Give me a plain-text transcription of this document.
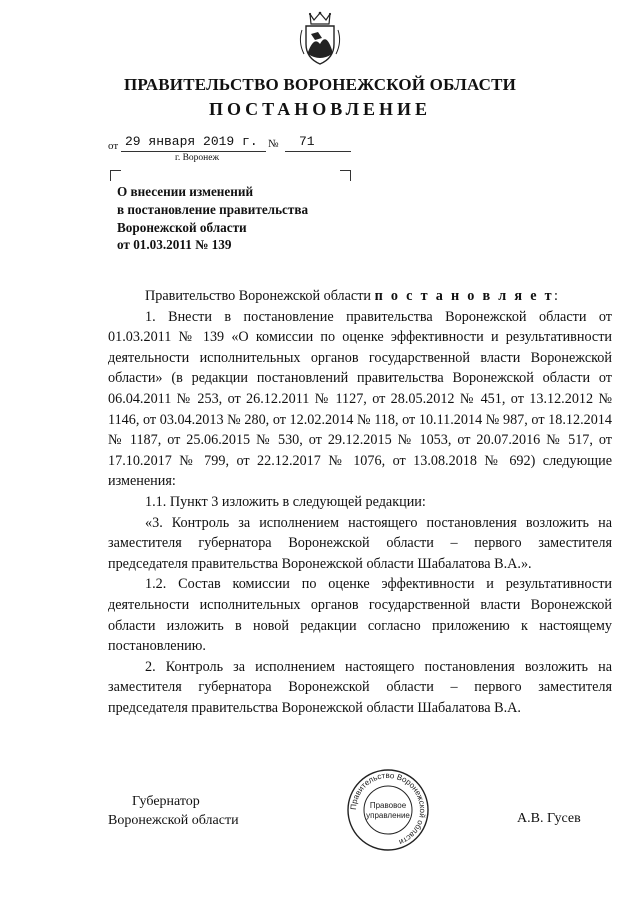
ПРАВИТЕЛЬСТВО ВОРОНЕЖСКОЙ ОБЛАСТИ
ПОСТАНОВЛЕНИЕ
от 29 января 2019 г. № 71
г. Воронеж
О внесении изменений
в постановление правительства
Воронежской области
от 01.03.2011 № 139

Правительство Воронежской области п о с т а н о в л я е т:

1. Внести в постановление правительства Воронежской области от 01.03.2011 № 139 «О комиссии по оценке эффективности и результативности деятельности исполнительных органов государственной власти Воронежской области» (в редакции постановлений правительства Воронежской области от 06.04.2011 № 253, от 26.12.2011 № 1127, от 28.05.2012 № 451, от 13.12.2012 № 1146, от 03.04.2013 № 280, от 12.02.2014 № 118, от 10.11.2014 № 987, от 18.12.2014 № 1187, от 25.06.2015 № 530, от 29.12.2015 № 1053, от 20.07.2016 № 517, от 17.10.2017 № 799, от 22.12.2017 № 1076, от 13.08.2018 № 692) следующие изменения:

1.1. Пункт 3 изложить в следующей редакции:

«3. Контроль за исполнением настоящего постановления возложить на заместителя губернатора Воронежской области – первого заместителя председателя правительства Воронежской области Шабалатова В.А.».

1.2. Состав комиссии по оценке эффективности и результативности деятельности исполнительных органов государственной власти Воронежской области изложить в новой редакции согласно приложению к настоящему постановлению.

2. Контроль за исполнением настоящего постановления возложить на заместителя губернатора Воронежской области – первого заместителя председателя правительства Воронежской области Шабалатова В.А.

Губернатор
Воронежской области
Правительство Воронежской области
Правовое
управление	А.В. Гусев
